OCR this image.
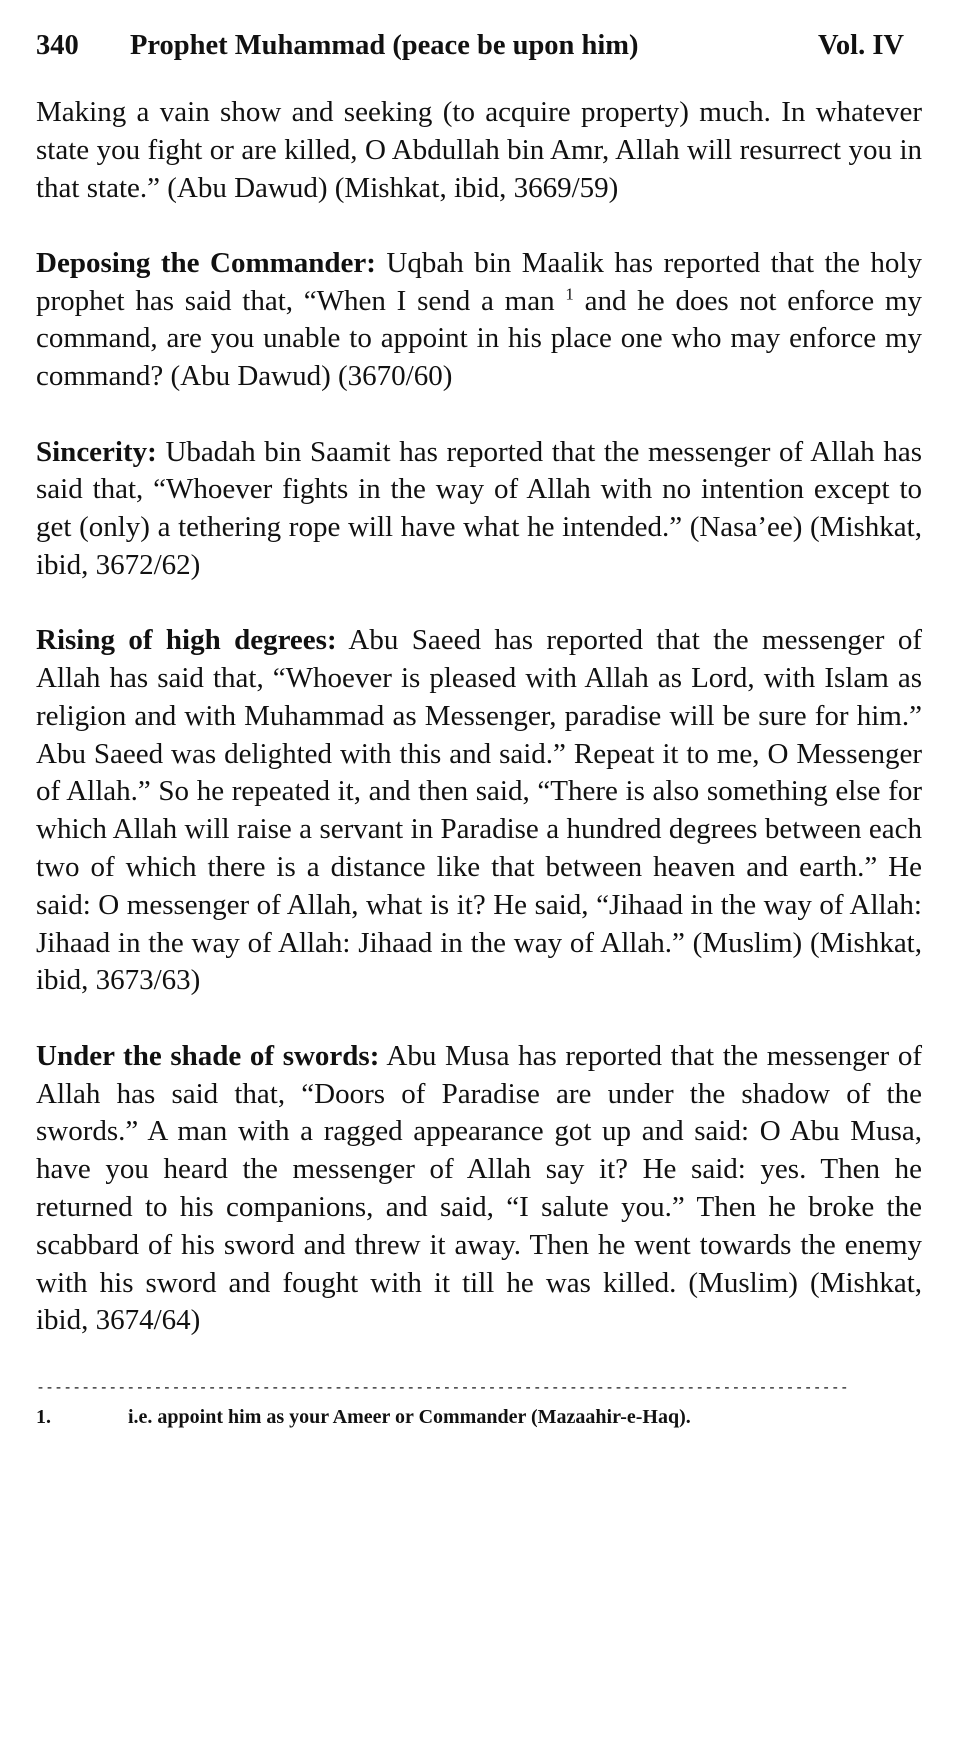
340	Prophet Muhammad (peace be upon him)	Vol. IV

Making a vain show and seeking (to acquire property) much. In whatever state you fight or are killed, O Abdullah bin Amr, Allah will resurrect you in that state.” (Abu Dawud) (Mishkat, ibid, 3669/59)

Deposing the Commander: Uqbah bin Maalik has reported that the holy prophet has said that, “When I send a man $^1$ and he does not enforce my command, are you unable to appoint in his place one who may enforce my command? (Abu Dawud) (3670/60)

Sincerity: Ubadah bin Saamit has reported that the messenger of Allah has said that, “Whoever fights in the way of Allah with no intention except to get (only) a tethering rope will have what he intended.” (Nasa’ee) (Mishkat, ibid, 3672/62)

Rising of high degrees: Abu Saeed has reported that the messenger of Allah has said that, “Whoever is pleased with Allah as Lord, with Islam as religion and with Muhammad as Messenger, paradise will be sure for him.” Abu Saeed was delighted with this and said.” Repeat it to me, O Messenger of Allah.” So he repeated it, and then said, “There is also something else for which Allah will raise a servant in Paradise a hundred degrees between each two of which there is a distance like that between heaven and earth.” He said: O messenger of Allah, what is it? He said, “Jihaad in the way of Allah: Jihaad in the way of Allah: Jihaad in the way of Allah.” (Muslim) (Mishkat, ibid, 3673/63)

Under the shade of swords: Abu Musa has reported that the messenger of Allah has said that, “Doors of Paradise are under the shadow of the swords.” A man with a ragged appearance got up and said: O Abu Musa, have you heard the messenger of Allah say it? He said: yes. Then he returned to his companions, and said, “I salute you.” Then he broke the scabbard of his sword and threw it away. Then he went towards the enemy with his sword and fought with it till he was killed. (Muslim) (Mishkat, ibid, 3674/64)

------------------------------------------------------------------------------------------
1.	i.e. appoint him as your Ameer or Commander (Mazaahir-e-Haq).
